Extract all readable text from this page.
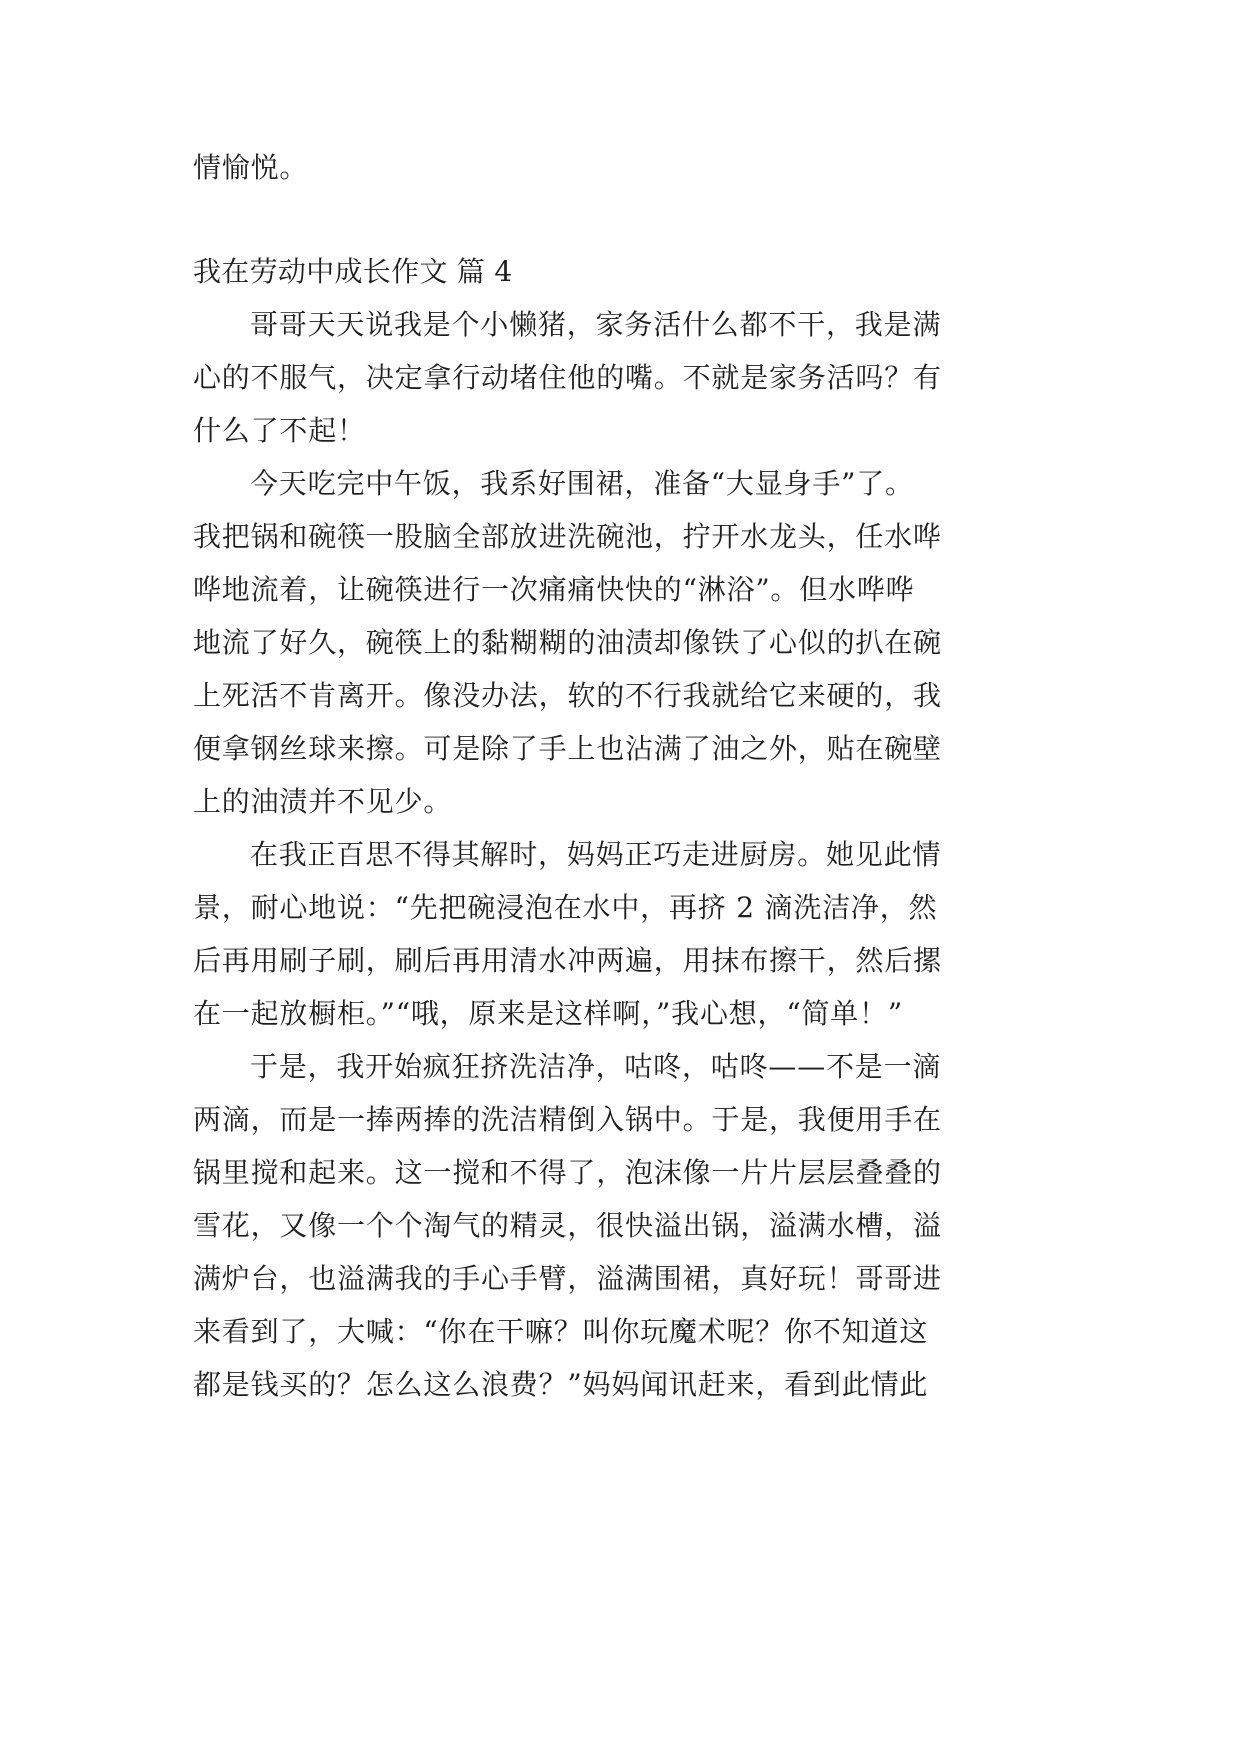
情愉悦。

我在劳动中成长作文 篇 4

哥哥天天说我是个小懒猪，家务活什么都不干，我是满

心的不服气，决定拿行动堵住他的嘴。不就是家务活吗？有

什么了不起！

今天吃完中午饭，我系好围裙，准备“大显身手”了。

我把锅和碗筷一股脑全部放进洗碗池，拧开水龙头，任水哗

哗地流着，让碗筷进行一次痛痛快快的“淋浴”。但水哗哗

地流了好久，碗筷上的黏糊糊的油渍却像铁了心似的扒在碗

上死活不肯离开。像没办法，软的不行我就给它来硬的，我

便拿钢丝球来擦。可是除了手上也沾满了油之外，贴在碗壁

上的油渍并不见少。

在我正百思不得其解时，妈妈正巧走进厨房。她见此情

景，耐心地说：“先把碗浸泡在水中，再挤 2 滴洗洁净，然

后再用刷子刷，刷后再用清水冲两遍，用抹布擦干，然后摞

在一起放橱柜。”“哦，原来是这样啊，”我心想，“简单！”

于是，我开始疯狂挤洗洁净，咕咚，咕咚——不是一滴

两滴，而是一捧两捧的洗洁精倒入锅中。于是，我便用手在

锅里搅和起来。这一搅和不得了，泡沫像一片片层层叠叠的

雪花，又像一个个淘气的精灵，很快溢出锅，溢满水槽，溢

满炉台，也溢满我的手心手臂，溢满围裙，真好玩！哥哥进

来看到了，大喊：“你在干嘛？叫你玩魔术呢？你不知道这

都是钱买的？怎么这么浪费？”妈妈闻讯赶来，看到此情此
